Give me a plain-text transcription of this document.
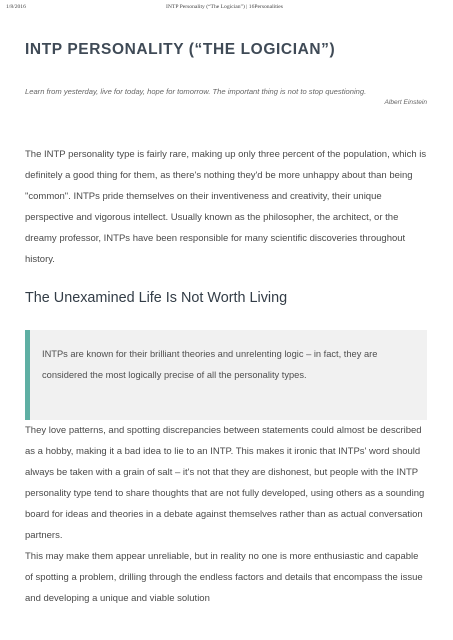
1/8/2016	INTP Personality (“The Logician”) | 16Personalities
INTP PERSONALITY (“THE LOGICIAN”)

Learn from yesterday, live for today, hope for tomorrow. The important thing is not to stop questioning.

Albert Einstein

The INTP personality type is fairly rare, making up only three percent of the population, which is definitely a good thing for them, as there's nothing they'd be more unhappy about than being "common". INTPs pride themselves on their inventiveness and creativity, their unique perspective and vigorous intellect. Usually known as the philosopher, the architect, or the dreamy professor, INTPs have been responsible for many scientific discoveries throughout history.

The Unexamined Life Is Not Worth Living

INTPs are known for their brilliant theories and unrelenting logic – in fact, they are considered the most logically precise of all the personality types.

They love patterns, and spotting discrepancies between statements could almost be described as a hobby, making it a bad idea to lie to an INTP. This makes it ironic that INTPs' word should always be taken with a grain of salt – it's not that they are dishonest, but people with the INTP personality type tend to share thoughts that are not fully developed, using others as a sounding board for ideas and theories in a debate against themselves rather than as actual conversation partners.

This may make them appear unreliable, but in reality no one is more enthusiastic and capable of spotting a problem, drilling through the endless factors and details that encompass the issue and developing a unique and viable solution
